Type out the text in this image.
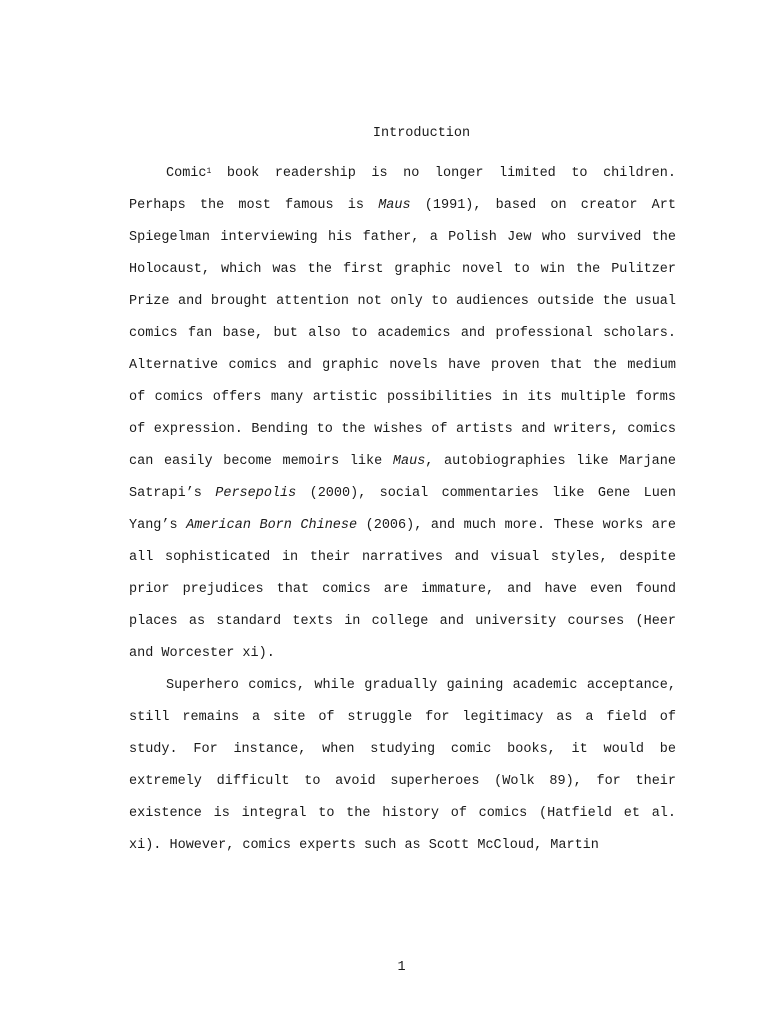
Introduction

Comic$^1$ book readership is no longer limited to children. Perhaps the most famous is Maus (1991), based on creator Art Spiegelman interviewing his father, a Polish Jew who survived the Holocaust, which was the first graphic novel to win the Pulitzer Prize and brought attention not only to audiences outside the usual comics fan base, but also to academics and professional scholars. Alternative comics and graphic novels have proven that the medium of comics offers many artistic possibilities in its multiple forms of expression. Bending to the wishes of artists and writers, comics can easily become memoirs like Maus, autobiographies like Marjane Satrapi’s Persepolis (2000), social commentaries like Gene Luen Yang’s American Born Chinese (2006), and much more. These works are all sophisticated in their narratives and visual styles, despite prior prejudices that comics are immature, and have even found places as standard texts in college and university courses (Heer and Worcester xi).

Superhero comics, while gradually gaining academic acceptance, still remains a site of struggle for legitimacy as a field of study. For instance, when studying comic books, it would be extremely difficult to avoid superheroes (Wolk 89), for their existence is integral to the history of comics (Hatfield et al. xi). However, comics experts such as Scott McCloud, Martin

1
